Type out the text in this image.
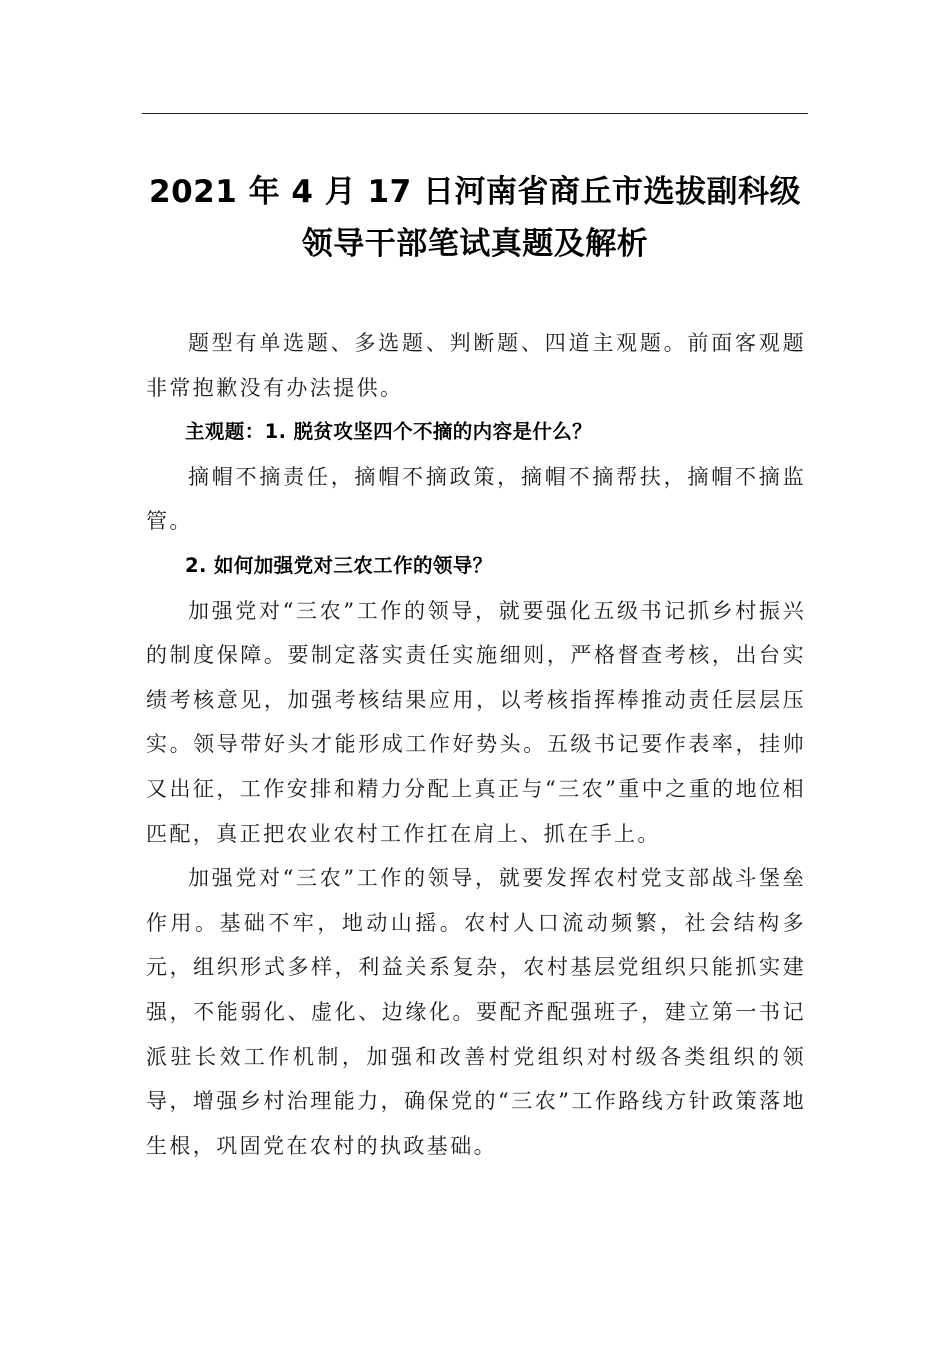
2021 年 4 月 17 日河南省商丘市选拔副科级
领导干部笔试真题及解析

题型有单选题、多选题、判断题、四道主观题。前面客观题非常抱歉没有办法提供。

主观题：1. 脱贫攻坚四个不摘的内容是什么？

摘帽不摘责任，摘帽不摘政策，摘帽不摘帮扶，摘帽不摘监管。

2. 如何加强党对三农工作的领导？

加强党对“三农”工作的领导，就要强化五级书记抓乡村振兴的制度保障。要制定落实责任实施细则，严格督查考核，出台实绩考核意见，加强考核结果应用，以考核指挥棒推动责任层层压实。领导带好头才能形成工作好势头。五级书记要作表率，挂帅又出征，工作安排和精力分配上真正与“三农”重中之重的地位相匹配，真正把农业农村工作扛在肩上、抓在手上。

加强党对“三农”工作的领导，就要发挥农村党支部战斗堡垒作用。基础不牢，地动山摇。农村人口流动频繁，社会结构多元，组织形式多样，利益关系复杂，农村基层党组织只能抓实建强，不能弱化、虚化、边缘化。要配齐配强班子，建立第一书记派驻长效工作机制，加强和改善村党组织对村级各类组织的领导，增强乡村治理能力，确保党的“三农”工作路线方针政策落地生根，巩固党在农村的执政基础。
